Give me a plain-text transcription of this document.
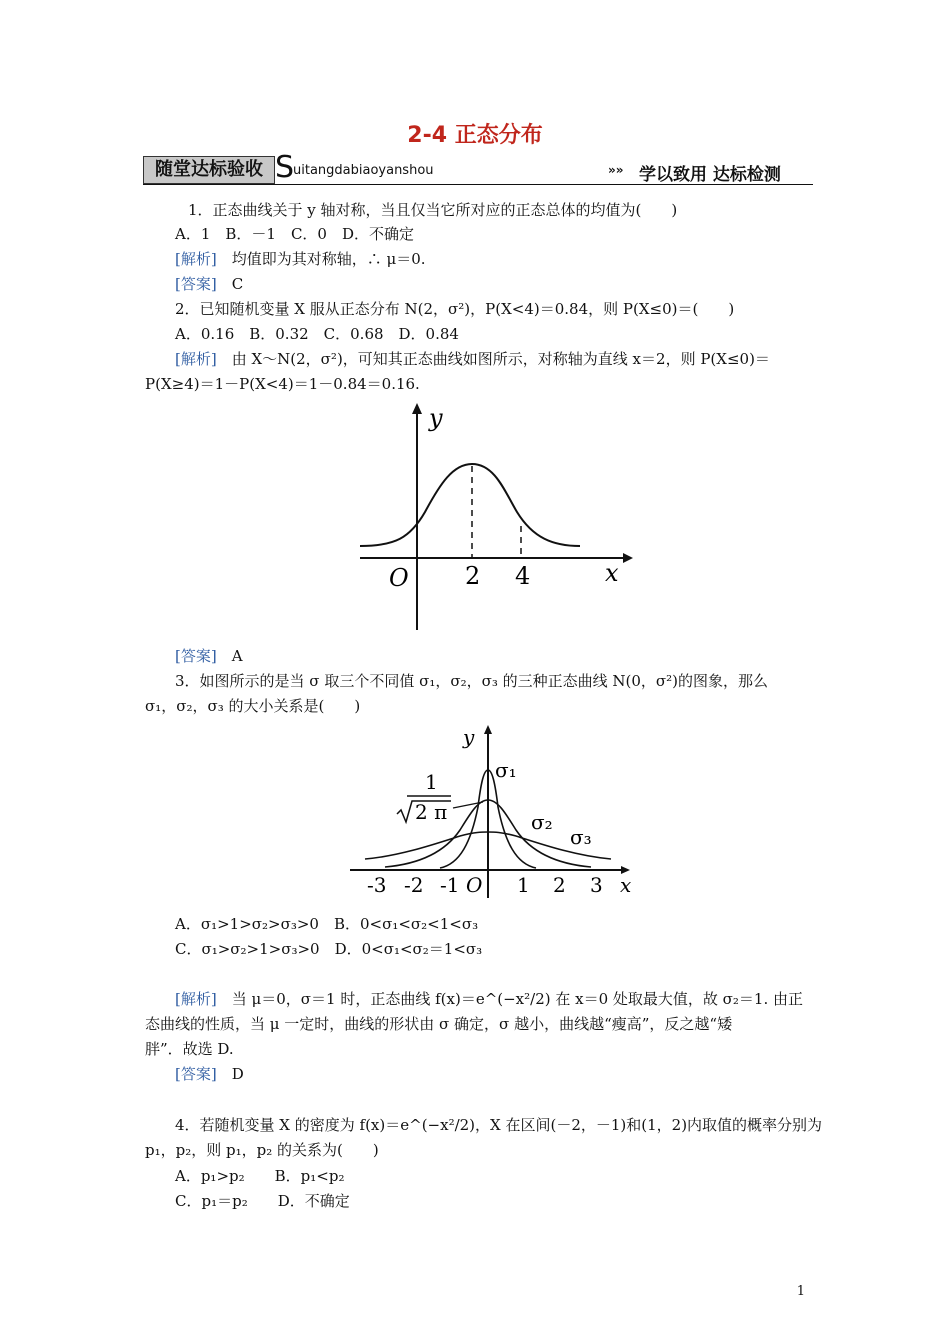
2-4 正态分布
随堂达标验收 S
uitangdabiaoyanshou	»» 学以致用 达标检测
1．正态曲线关于 y 轴对称，当且仅当它所对应的正态总体的均值为(　　)
A．1　B．－1　C．0　D．不确定
[解析]　均值即为其对称轴，∴ μ＝0.
[答案]　C
2．已知随机变量 X 服从正态分布 N(2，σ²)，P(X<4)＝0.84，则 P(X≤0)＝(　　)
A．0.16　B．0.32　C．0.68　D．0.84
[解析]　由 X～N(2，σ²)，可知其正态曲线如图所示，对称轴为直线 x＝2，则 P(X≤0)＝
P(X≥4)＝1－P(X<4)＝1－0.84＝0.16.
y
x
O 2 4
[答案]　A
3．如图所示的是当 σ 取三个不同值 σ₁，σ₂，σ₃ 的三种正态曲线 N(0，σ²)的图象，那么
σ₁，σ₂，σ₃ 的大小关系是(　　)
y
x
O
σ₁
σ₂
σ₃
1
2 π
-3 -2 -1	1 2 3
A．σ₁>1>σ₂>σ₃>0　B．0<σ₁<σ₂<1<σ₃
C．σ₁>σ₂>1>σ₃>0　D．0<σ₁<σ₂＝1<σ₃
[解析]　当 μ＝0，σ＝1 时，正态曲线 f(x)＝e^(−x²/2) 在 x＝0 处取最大值，故 σ₂＝1. 由正
态曲线的性质，当 μ 一定时，曲线的形状由 σ 确定，σ 越小，曲线越“瘦高”，反之越“矮
胖”．故选 D.
[答案]　D
4．若随机变量 X 的密度为 f(x)＝e^(−x²/2)，X 在区间(－2，－1)和(1，2)内取值的概率分别为
p₁，p₂，则 p₁，p₂ 的关系为(　　)
A．p₁>p₂　　B．p₁<p₂
C．p₁＝p₂　　D．不确定
1
